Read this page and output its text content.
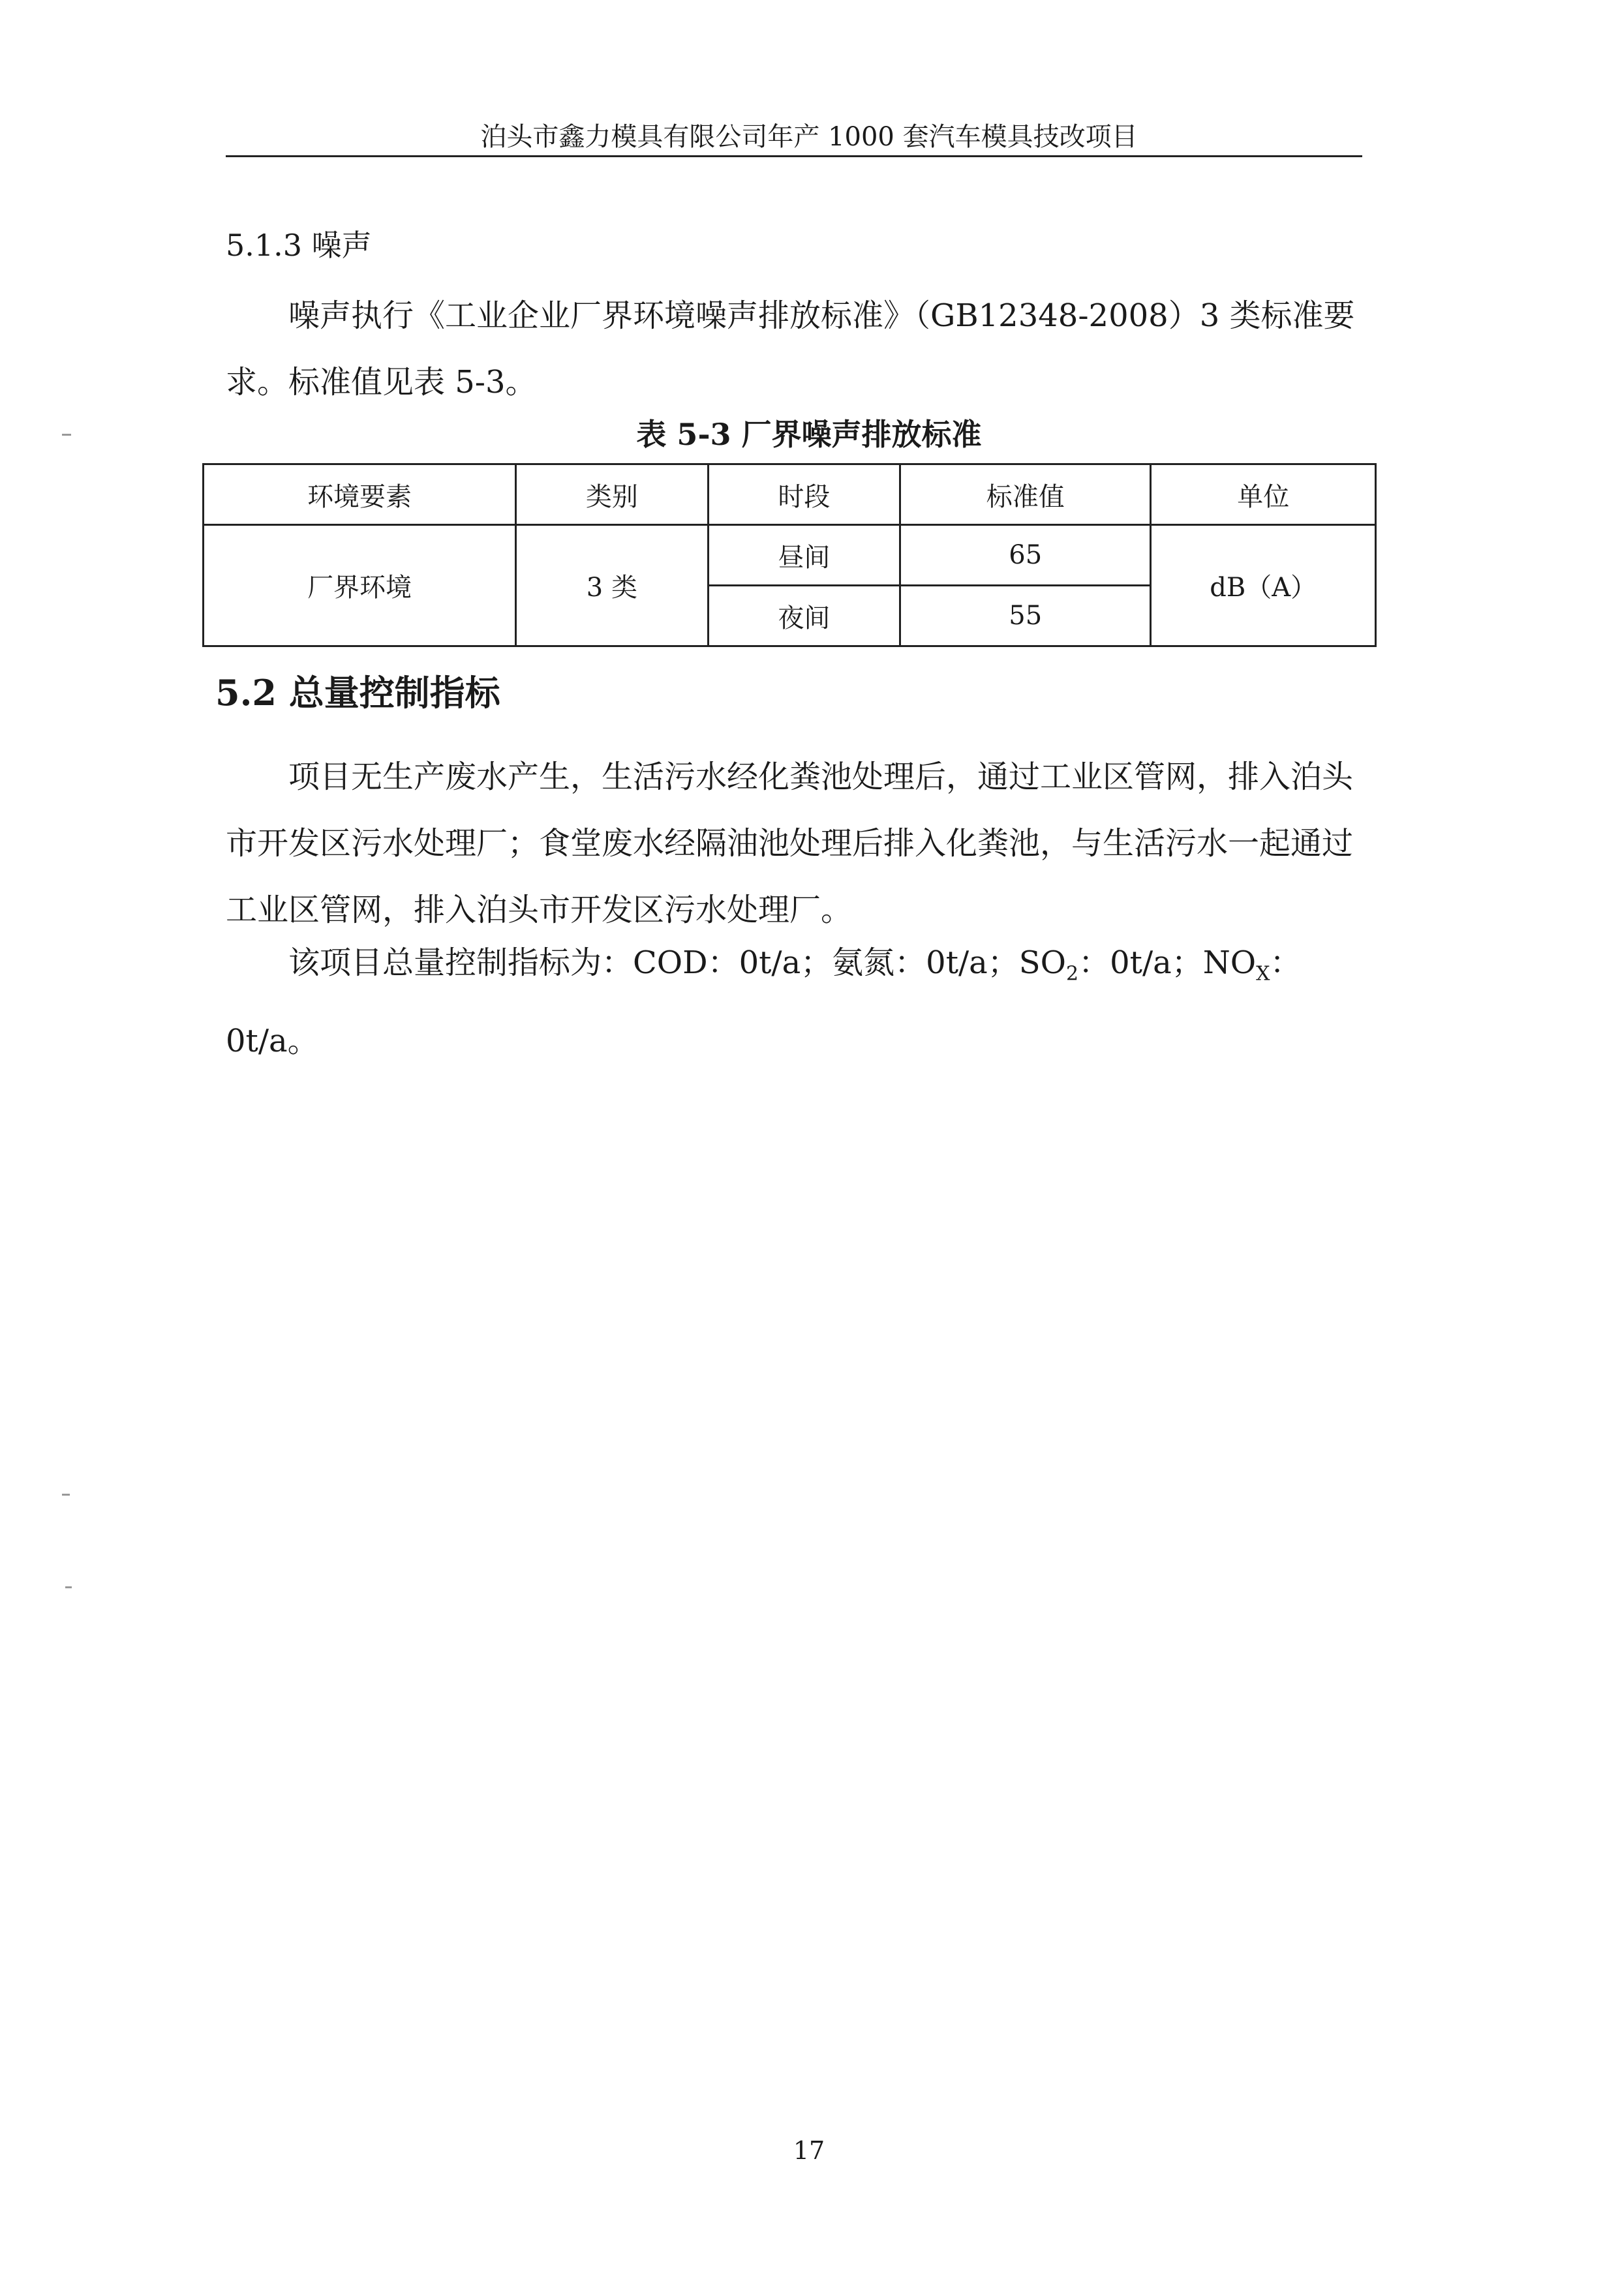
泊头市鑫力模具有限公司年产 1000 套汽车模具技改项目
5.1.3 噪声
噪声执行《工业企业厂界环境噪声排放标准》（GB12348-2008）3 类标准要求。标准值见表 5-3。
表 5-3 厂界噪声排放标准
环境要素	类别	时段	标准值	单位
厂界环境	3 类	昼间	65	dB（A）
		夜间	55	
5.2 总量控制指标
项目无生产废水产生，生活污水经化粪池处理后，通过工业区管网，排入泊头市开发区污水处理厂；食堂废水经隔油池处理后排入化粪池，与生活污水一起通过工业区管网，排入泊头市开发区污水处理厂。
该项目总量控制指标为：COD：0t/a；氨氮：0t/a；$SO_2$：0t/a；$NO_X$：0t/a。
17
